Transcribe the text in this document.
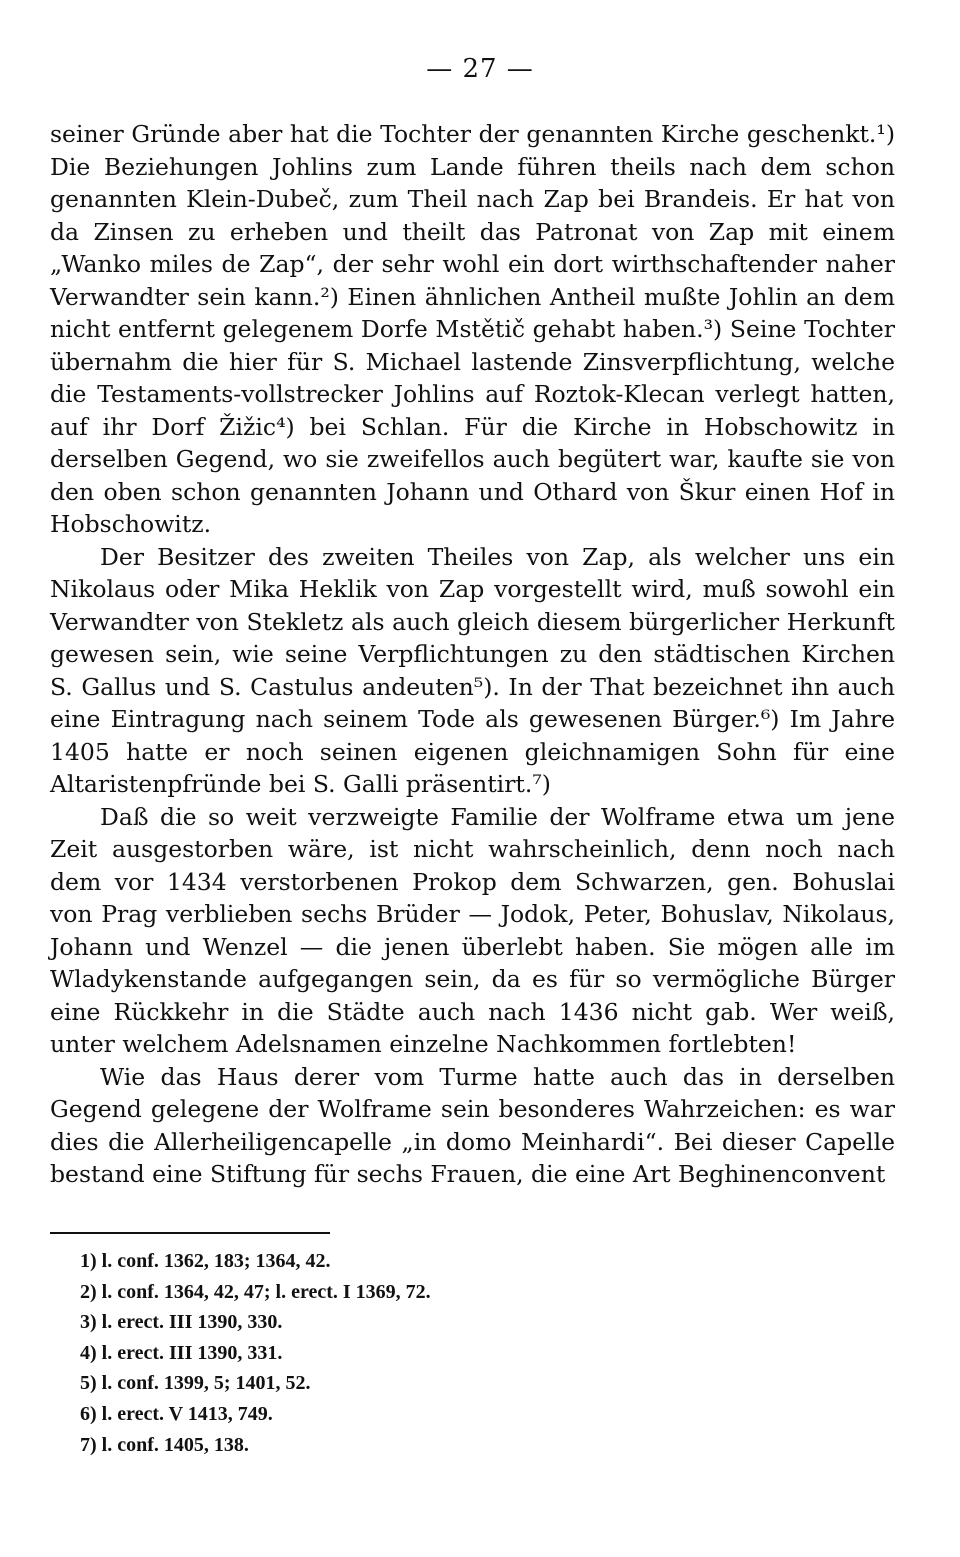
— 27 —

seiner Gründe aber hat die Tochter der genannten Kirche geschenkt.¹) Die Beziehungen Johlins zum Lande führen theils nach dem schon genannten Klein-Dubeč, zum Theil nach Zap bei Brandeis. Er hat von da Zinsen zu erheben und theilt das Patronat von Zap mit einem „Wanko miles de Zap“, der sehr wohl ein dort wirthschaftender naher Verwandter sein kann.²) Einen ähnlichen Antheil mußte Johlin an dem nicht entfernt gelegenem Dorfe Mstětič gehabt haben.³) Seine Tochter übernahm die hier für S. Michael lastende Zinsverpflichtung, welche die Testaments-vollstrecker Johlins auf Roztok-Klecan verlegt hatten, auf ihr Dorf Žižic⁴) bei Schlan. Für die Kirche in Hobschowitz in derselben Gegend, wo sie zweifellos auch begütert war, kaufte sie von den oben schon genannten Johann und Othard von Škur einen Hof in Hobschowitz.

Der Besitzer des zweiten Theiles von Zap, als welcher uns ein Nikolaus oder Mika Heklik von Zap vorgestellt wird, muß sowohl ein Verwandter von Stekletz als auch gleich diesem bürgerlicher Herkunft gewesen sein, wie seine Verpflichtungen zu den städtischen Kirchen S. Gallus und S. Castulus andeuten⁵). In der That bezeichnet ihn auch eine Eintragung nach seinem Tode als gewesenen Bürger.⁶) Im Jahre 1405 hatte er noch seinen eigenen gleichnamigen Sohn für eine Altaristenpfründe bei S. Galli präsentirt.⁷)

Daß die so weit verzweigte Familie der Wolframe etwa um jene Zeit ausgestorben wäre, ist nicht wahrscheinlich, denn noch nach dem vor 1434 verstorbenen Prokop dem Schwarzen, gen. Bohuslai von Prag verblieben sechs Brüder — Jodok, Peter, Bohuslav, Nikolaus, Johann und Wenzel — die jenen überlebt haben. Sie mögen alle im Wladykenstande aufgegangen sein, da es für so vermögliche Bürger eine Rückkehr in die Städte auch nach 1436 nicht gab. Wer weiß, unter welchem Adelsnamen einzelne Nachkommen fortlebten!

Wie das Haus derer vom Turme hatte auch das in derselben Gegend gelegene der Wolframe sein besonderes Wahrzeichen: es war dies die Allerheiligencapelle „in domo Meinhardi“. Bei dieser Capelle bestand eine Stiftung für sechs Frauen, die eine Art Beghinenconvent

1) l. conf. 1362, 183; 1364, 42.
2) l. conf. 1364, 42, 47; l. erect. I 1369, 72.
3) l. erect. III 1390, 330.
4) l. erect. III 1390, 331.
5) l. conf. 1399, 5; 1401, 52.
6) l. erect. V 1413, 749.
7) l. conf. 1405, 138.
